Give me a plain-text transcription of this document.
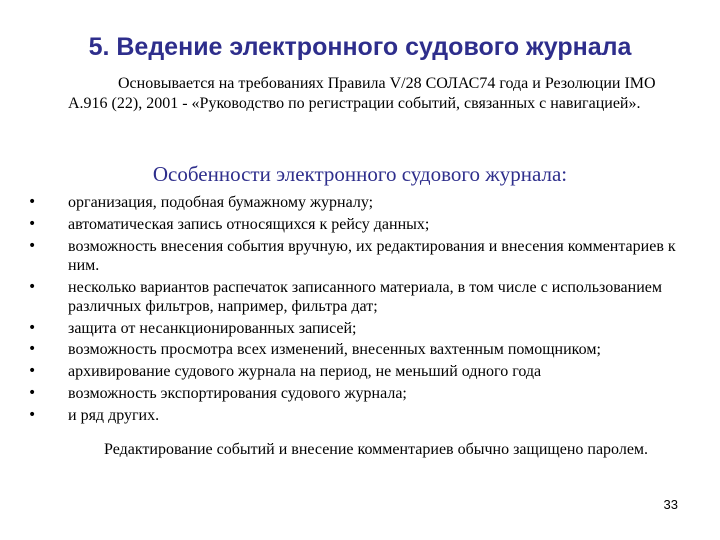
5. Ведение электронного судового журнала
Основывается на требованиях Правила V/28 СОЛАС74 года и Резолюции IMO A.916 (22), 2001 - «Руководство по регистрации событий, связанных с навигацией».
Особенности электронного судового журнала:
•	организация, подобная бумажному журналу;
•	автоматическая запись относящихся к рейсу данных;
•	возможность внесения события вручную, их редактирования и внесения комментариев к ним.
•	несколько вариантов распечаток записанного материала, в том числе с использованием различных фильтров, например, фильтра дат;
•	защита от несанкционированных записей;
•	возможность просмотра всех изменений, внесенных вахтенным помощником;
•	архивирование судового журнала на период, не меньший одного года
•	возможность экспортирования судового журнала;
•	и ряд других.
Редактирование событий и внесение комментариев обычно защищено паролем.
33
